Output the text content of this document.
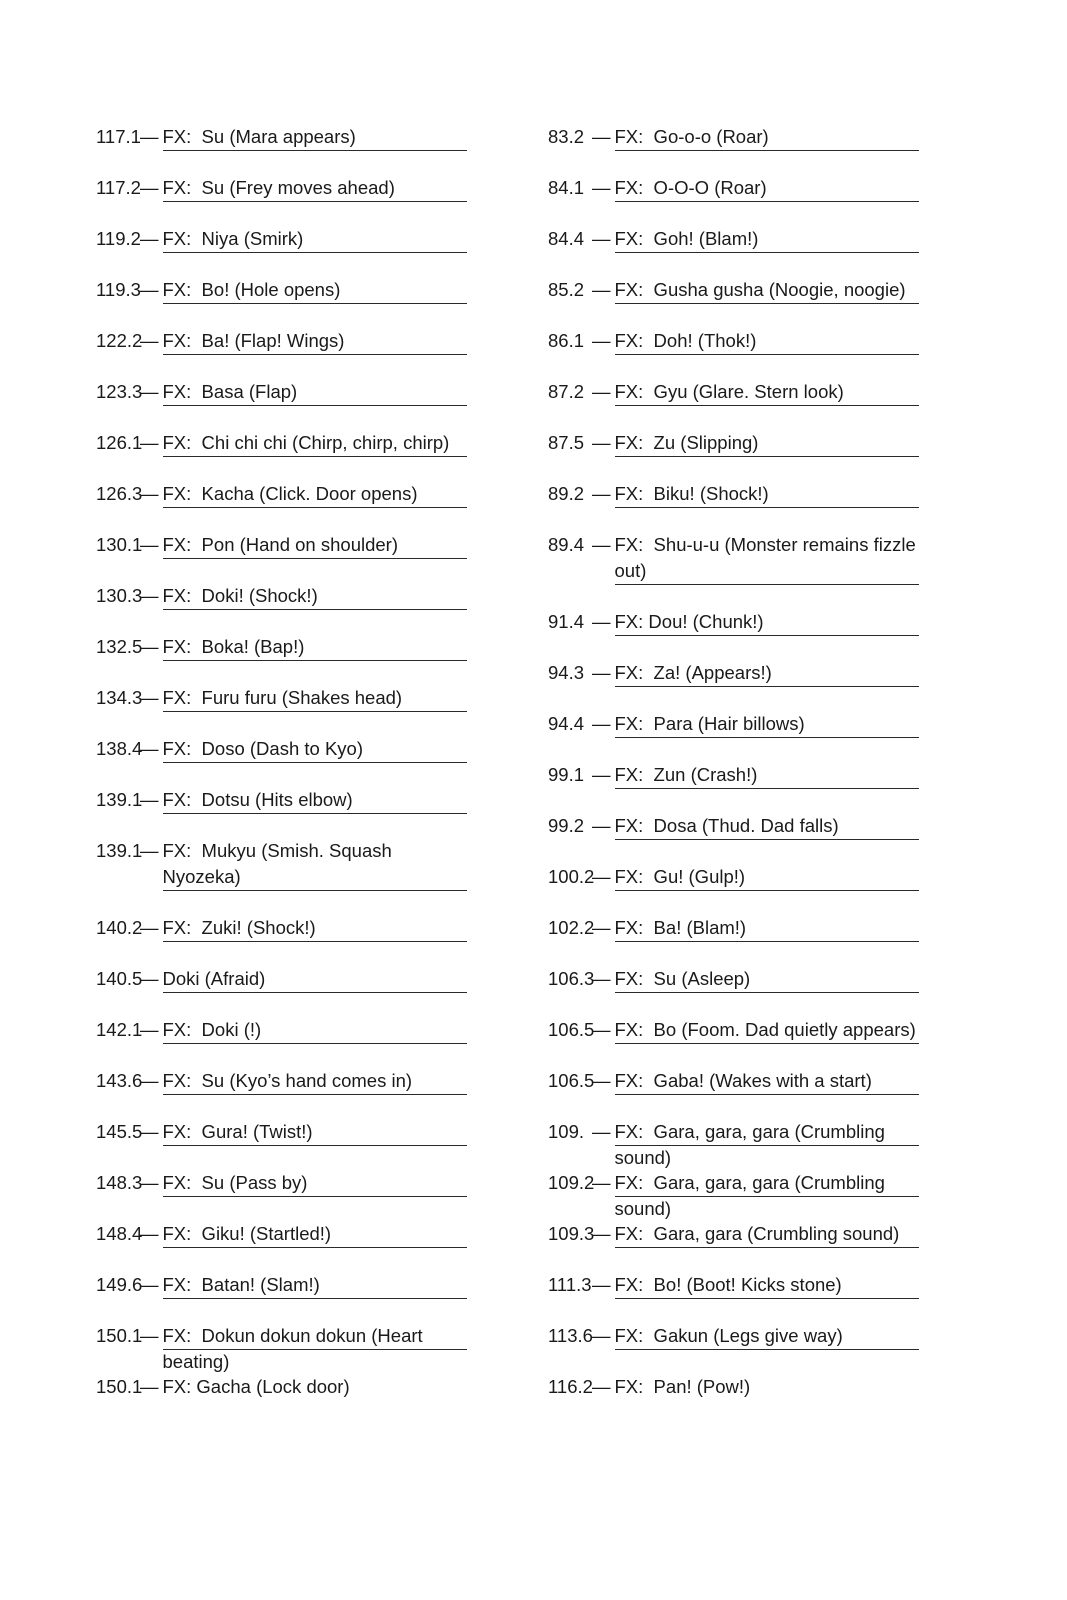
117.1 — FX:  Su (Mara appears)
117.2 — FX:  Su (Frey moves ahead)
119.2 — FX:  Niya (Smirk)
119.3 — FX:  Bo! (Hole opens)
122.2
— FX:  Ba! (Flap! Wings)
123.3
— FX:  Basa (Flap)
126.1
— FX:  Chi chi chi (Chirp, chirp, chirp)
126.3
— FX:  Kacha (Click. Door opens)
130.1
— FX:  Pon (Hand on shoulder)
130.3
— FX:  Doki! (Shock!)
132.5
— FX:  Boka! (Bap!)
134.3
— FX:  Furu furu (Shakes head)
138.4
— FX:  Doso (Dash to Kyo)
139.1
— FX:  Dotsu (Hits elbow)
139.1
— FX:  Mukyu (Smish. Squash Nyozeka)
140.2
— FX:  Zuki! (Shock!)
140.5
— Doki (Afraid)
142.1
— FX:  Doki (!)
143.6
— FX:  Su (Kyo’s hand comes in)
145.5
— FX:  Gura! (Twist!)
148.3
— FX:  Su (Pass by)
148.4
— FX:  Giku! (Startled!)
149.6
— FX:  Batan! (Slam!)
150.1
— FX:  Dokun dokun dokun (Heart beating)
150.1
— FX: Gacha (Lock door)
83.2 — FX:  Go-o-o (Roar)
84.1 — FX:  O-O-O (Roar)
84.4 — FX:  Goh! (Blam!)
85.2 — FX:  Gusha gusha (Noogie, noogie)
86.1 — FX:  Doh! (Thok!)
87.2 — FX:  Gyu (Glare. Stern look)
87.5 — FX:  Zu (Slipping)
89.2 — FX:  Biku! (Shock!)
89.4 — FX:  Shu-u-u (Monster remains fizzle out)
91.4 — FX: Dou! (Chunk!)
94.3 — FX:  Za! (Appears!)
94.4 — FX:  Para (Hair billows)
99.1 — FX:  Zun (Crash!)
99.2 — FX:  Dosa (Thud. Dad falls)
100.2
— FX:  Gu! (Gulp!)
102.2
— FX:  Ba! (Blam!)
106.3
— FX:  Su (Asleep)
106.5
— FX:  Bo (Foom. Dad quietly appears)
106.5
— FX:  Gaba! (Wakes with a start)
109. — FX:  Gara, gara, gara (Crumbling sound)
109.2
— FX:  Gara, gara, gara (Crumbling sound)
109.3
— FX:  Gara, gara (Crumbling sound)
111.3 — FX:  Bo! (Boot! Kicks stone)
113.6 — FX:  Gakun (Legs give way)
116.2 — FX:  Pan! (Pow!)
